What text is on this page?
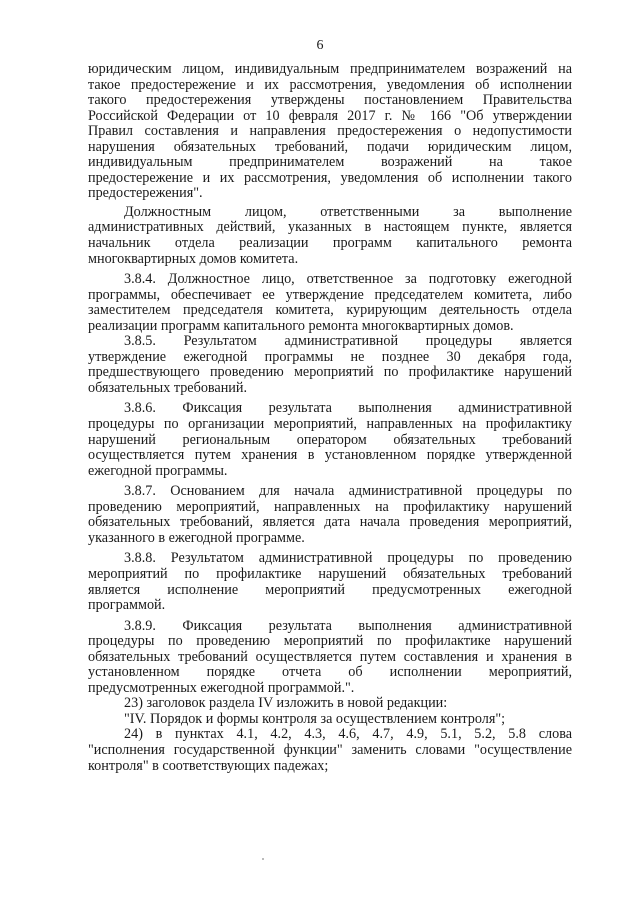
6
юридическим лицом, индивидуальным предпринимателем возражений на
такое предостережение и их рассмотрения, уведомления об исполнении
такого предостережения утверждены постановлением Правительства
Российской Федерации от 10 февраля 2017 г. № 166 "Об утверждении
Правил составления и направления предостережения о недопустимости
нарушения обязательных требований, подачи юридическим лицом,
индивидуальным предпринимателем возражений на такое
предостережение и их рассмотрения, уведомления об исполнении такого
предостережения".
Должностным лицом, ответственными за выполнение
административных действий, указанных в настоящем пункте, является
начальник отдела реализации программ капитального ремонта
многоквартирных домов комитета.
3.8.4. Должностное лицо, ответственное за подготовку ежегодной
программы, обеспечивает ее утверждение председателем комитета, либо
заместителем председателя комитета, курирующим деятельность отдела
реализации программ капитального ремонта многоквартирных домов.
3.8.5. Результатом административной процедуры является
утверждение ежегодной программы не позднее 30 декабря года,
предшествующего проведению мероприятий по профилактике нарушений
обязательных требований.
3.8.6. Фиксация результата выполнения административной
процедуры по организации мероприятий, направленных на профилактику
нарушений региональным оператором обязательных требований
осуществляется путем хранения в установленном порядке утвержденной
ежегодной программы.
3.8.7. Основанием для начала административной процедуры по
проведению мероприятий, направленных на профилактику нарушений
обязательных требований, является дата начала проведения мероприятий,
указанного в ежегодной программе.
3.8.8. Результатом административной процедуры по проведению
мероприятий по профилактике нарушений обязательных требований
является исполнение мероприятий предусмотренных ежегодной
программой.
3.8.9. Фиксация результата выполнения административной
процедуры по проведению мероприятий по профилактике нарушений
обязательных требований осуществляется путем составления и хранения в
установленном порядке отчета об исполнении мероприятий,
предусмотренных ежегодной программой.".
23) заголовок раздела IV изложить в новой редакции:
"IV. Порядок и формы контроля за осуществлением контроля";
24) в пунктах 4.1, 4.2, 4.3, 4.6, 4.7, 4.9, 5.1, 5.2, 5.8 слова
"исполнения государственной функции" заменить словами "осуществление
контроля" в соответствующих падежах;
